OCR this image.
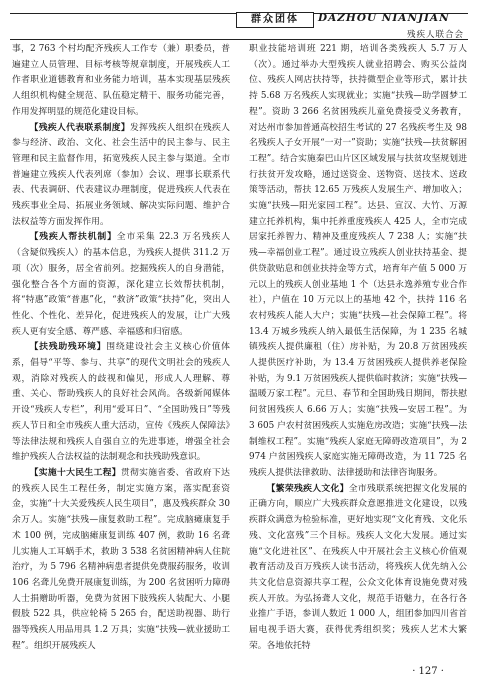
群众团体	DAZHOU NIANJIAN
残疾人联合会

事，2 763 个村均配齐残疾人工作专（兼）职委员，普遍建立人员管理、目标考核等规章制度，开展残疾人工作者职业道德教育和业务能力培训，基本实现基层残疾人组织机构健全规范、队伍稳定精干、服务功能完善，作用发挥明显的规范化建设目标。

【残疾人代表联系制度】发挥残疾人组织在残疾人参与经济、政治、文化、社会生活中的民主参与、民主管理和民主监督作用，拓宽残疾人民主参与渠道。全市普遍建立残疾人代表列席（参加）会议、理事长联系代表、代表调研、代表建议办理制度，促进残疾人代表在残疾事业全局、拓展业务领域、解决实际问题、维护合法权益等方面发挥作用。

【残疾人帮扶机制】全市采集 22.3 万名残疾人（含疑似残疾人）的基本信息，为残疾人提供 311.2 万项（次）服务，居全省前列。挖掘残疾人的自身潜能，强化整合各个方面的资源，深化建立长效帮扶机制，将“特惠”政策“普惠”化，“救济”政策“扶持”化，突出人性化、个性化、差异化，促进残疾人的发展，让广大残疾人更有安全感、尊严感、幸福感和归宿感。

【扶残助残环境】围绕建设社会主义核心价值体系，倡导“平等、参与、共享”的现代文明社会的残疾人观，消除对残疾人的歧视和偏见，形成人人理解、尊重、关心、帮助残疾人的良好社会风尚。各级新闻媒体开设“残疾人专栏”，利用“爱耳日”、“全国助残日”等残疾人节日和全市残疾人重大活动，宣传《残疾人保障法》等法律法规和残疾人自强自立的先进事迹，增强全社会维护残疾人合法权益的法制观念和扶残助残意识。

【实施十大民生工程】贯彻实施省委、省政府下达的残疾人民生工程任务，制定实施方案，落实配套资金，实施“十大关爱残疾人民生项目”，惠及残疾群众 30 余万人。实施“扶残—康复救助工程”。完成脑瘫康复手术 100 例，完成脑瘫康复训练 407 例，救助 16 名聋儿实施人工耳蜗手术，救助 3 538 名贫困精神病人住院治疗，为 5 796 名精神病患者提供免费服药服务，收训 106 名聋儿免费开展康复训练，为 200 名贫困听力障碍人士捐赠助听器，免费为贫困下肢残疾人装配大、小腿假肢 522 具，供应轮椅 5 265 台，配送助视器、助行器等残疾人用品用具 1.2 万具；实施“扶残—就业援助工程”。组织开展残疾人

职业技能培训班 221 期，培训各类残疾人 5.7 万人（次）。通过举办大型残疾人就业招聘会、购买公益岗位、残疾人网店扶持等，扶持微型企业等形式，累计扶持 5.68 万名残疾人实现就业；实施“扶残—助学圆梦工程”。资助 3 266 名贫困残疾儿童免费接受义务教育，对达州市参加普通高校招生考试的 27 名残疾考生及 98 名残疾人子女开展“一对一”资助；实施“扶残—扶贫解困工程”。结合实施秦巴山片区区域发展与扶贫攻坚规划进行扶贫开发攻略，通过送资金、送物资、送技术、送政策等活动，帮扶 12.65 万残疾人发展生产、增加收入；实施“扶残—阳光家园工程”。达县、宣汉、大竹、万源建立托养机构，集中托养重度残疾人 425 人，全市完成居家托养智力、精神及重度残疾人 7 238 人；实施“扶残—幸福创业工程”。通过设立残疾人创业扶持基金、提供贷款贴息和创业扶持金等方式，培育年产值 5 000 万元以上的残疾人创业基地 1 个（达县永逸养殖专业合作社），户值在 10 万元以上的基地 42 个，扶持 116 名农村残疾人能人大户；实施“扶残—社会保障工程”。将 13.4 万城乡残疾人纳入最低生活保障，为 1 235 名城镇残疾人提供廉租（住）房补贴，为 20.8 万贫困残疾人提供医疗补助，为 13.4 万贫困残疾人提供养老保险补贴，为 9.1 万贫困残疾人提供临时救济；实施“扶残—温暖万家工程”。元旦、春节和全国助残日期间，帮扶慰问贫困残疾人 6.66 万人；实施“扶残—安居工程”。为 3 605 户农村贫困残疾人实施危房改造；实施“扶残—法制维权工程”。实施“残疾人家庭无障碍改造项目”，为 2 974 户贫困残疾人家庭实施无障碍改造，为 11 725 名残疾人提供法律救助、法律援助和法律咨询服务。

【繁荣残疾人文化】全市残联系统把握文化发展的正确方向，顺应广大残疾群众意愿推进文化建设，以残疾群众满意为检验标准，更好地实现“文化育残、文化乐残、文化富残”三个目标。残疾人文化大发展。通过实施“文化进社区”、在残疾人中开展社会主义核心价值观教育活动及百万残疾人读书活动，将残疾人优先纳入公共文化信息资源共享工程，公众文化体育设施免费对残疾人开放。为弘扬聋人文化，规范手语魅力，在各行各业推广手语，参训人数近 1 000 人，组团参加四川省首届电视手语大赛，获得优秀组织奖；残疾人艺术大繁荣。各地依托特

· 127 ·
